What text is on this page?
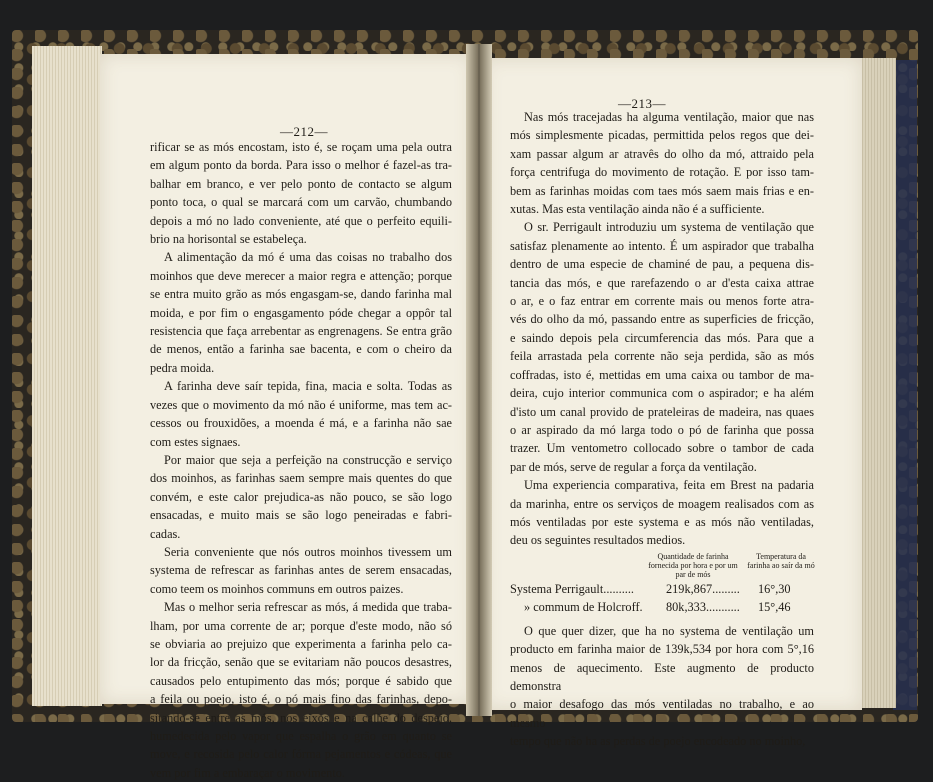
—212—

rificar se as mós encostam, isto é, se roçam uma pela outra
em algum ponto da borda. Para isso o melhor é fazel-as tra-
balhar em branco, e ver pelo ponto de contacto se algum
ponto toca, o qual se marcará com um carvão, chumbando
depois a mó no lado conveniente, até que o perfeito equili-
brio na horisontal se estabeleça.

A alimentação da mó é uma das coisas no trabalho dos
moinhos que deve merecer a maior regra e attenção; porque
se entra muito grão as mós engasgam-se, dando farinha mal
moida, e por fim o engasgamento póde chegar a oppôr tal
resistencia que faça arrebentar as engrenagens. Se entra grão
de menos, então a farinha sae bacenta, e com o cheiro da
pedra moida.

A farinha deve saír tepida, fina, macia e solta. Todas as
vezes que o movimento da mó não é uniforme, mas tem ac-
cessos ou frouxidões, a moenda é má, e a farinha não sae
com estes signaes.

Por maior que seja a perfeição na construcção e serviço
dos moinhos, as farinhas saem sempre mais quentes do que
convém, e este calor prejudica-as não pouco, se são logo
ensacadas, e muito mais se são logo peneiradas e fabri-
cadas.

Seria conveniente que nós outros moinhos tivessem um
systema de refrescar as farinhas antes de serem ensacadas,
como teem os moinhos communs em outros paizes.

Mas o melhor seria refrescar as mós, á medida que traba-
lham, por uma corrente de ar; porque d'este modo, não só
se obviaria ao prejuizo que experimenta a farinha pelo ca-
lor da fricção, senão que se evitariam não poucos desastres,
causados pelo entupimento das mós; porque é sabido que
a feila ou poejo, isto é, o pó mais fino das farinhas, depo-
sitando-se entre as mós, nos eixos e na calhe do despejo,
humedecida pelo vapor que espalha o grão em quanto se
move, e recosida pelo calor fórma pejamentos e códeas, que
vem por fim a embaraçar o movimento.

—213—

Nas mós tracejadas ha alguma ventilação, maior que nas
mós simplesmente picadas, permittida pelos regos que dei-
xam passar algum ar atravês do olho da mó, attraido pela
força centrifuga do movimento de rotação. E por isso tam-
bem as farinhas moidas com taes mós saem mais frias e en-
xutas. Mas esta ventilação ainda não é a sufficiente.

O sr. Perrigault introduziu um systema de ventilação que
satisfaz plenamente ao intento. É um aspirador que trabalha
dentro de uma especie de chaminé de pau, a pequena dis-
tancia das mós, e que rarefazendo o ar d'esta caixa attrae
o ar, e o faz entrar em corrente mais ou menos forte atra-
vés do olho da mó, passando entre as superficies de fricção,
e saindo depois pela circumferencia das mós. Para que a
feila arrastada pela corrente não seja perdida, são as mós
coffradas, isto é, mettidas em uma caixa ou tambor de ma-
deira, cujo interior communica com o aspirador; e ha além
d'isto um canal provido de prateleiras de madeira, nas quaes
o ar aspirado da mó larga todo o pó de farinha que possa
trazer. Um ventometro collocado sobre o tambor de cada
par de mós, serve de regular a força da ventilação.

Uma experiencia comparativa, feita em Brest na padaria
da marinha, entre os serviços de moagem realisados com as
mós ventiladas por este systema e as mós não ventiladas,
deu os seguintes resultados medios.

Quantidade de farinha fornecida por hora e por um par de mós
Temperatura da farinha ao saír da mó
Systema Perrigault..........	219k,867......... 16°,30
» commum de Holcroff. 80k,333........... 15°,46

O que quer dizer, que ha no systema de ventilação um
producto em farinha maior de 139k,534 por hora com 5°,16
menos de aquecimento. Este augmento de producto demonstra
o maior desafogo das mós ventiladas no trabalho, e ao mesmo
tempo que não ha as perdas de poejo encodeado no moinho,
